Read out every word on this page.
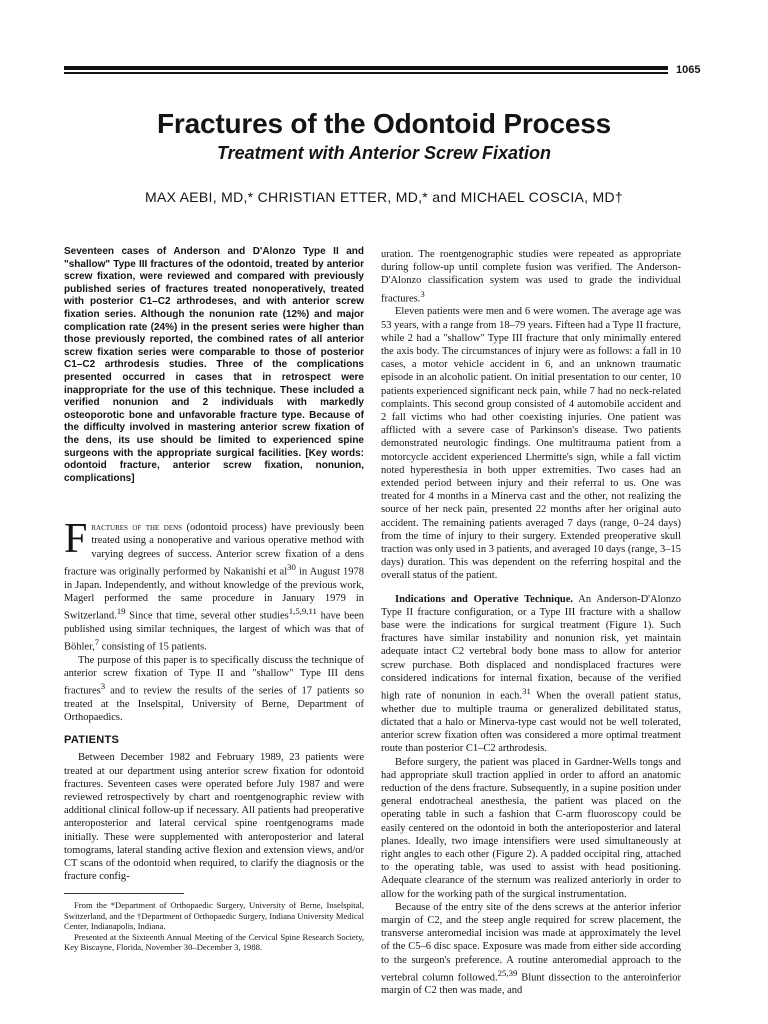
1065
Fractures of the Odontoid Process
Treatment with Anterior Screw Fixation
MAX AEBI, MD,* CHRISTIAN ETTER, MD,* and MICHAEL COSCIA, MD†

Seventeen cases of Anderson and D'Alonzo Type II and "shallow" Type III fractures of the odontoid, treated by anterior screw fixation, were reviewed and compared with previously published series of fractures treated nonoperatively, treated with posterior C1–C2 arthrodeses, and with anterior screw fixation series. Although the nonunion rate (12%) and major complication rate (24%) in the present series were higher than those previously reported, the combined rates of all anterior screw fixation series were comparable to those of posterior C1–C2 arthrodesis studies. Three of the complications presented occurred in cases that in retrospect were inappropriate for the use of this technique. These included a verified nonunion and 2 individuals with markedly osteoporotic bone and unfavorable fracture type. Because of the difficulty involved in mastering anterior screw fixation of the dens, its use should be limited to experienced spine surgeons with the appropriate surgical facilities. [Key words: odontoid fracture, anterior screw fixation, nonunion, complications]

Fractures of the dens (odontoid process) have previously been treated using a nonoperative and various operative method with varying degrees of success. Anterior screw fixation of a dens fracture was originally performed by Nakanishi et $al^{30}$ in August 1978 in Japan. Independently, and without knowledge of the previous work, Magerl performed the same procedure in January 1979 in Switzerland.$^{19}$ Since that time, several other studies$^{1,5,9,11}$ have been published using similar techniques, the largest of which was that of Böhler,$^7$ consisting of 15 patients.

The purpose of this paper is to specifically discuss the technique of anterior screw fixation of Type II and "shallow" Type III dens fractures$^3$ and to review the results of the series of 17 patients so treated at the Inselspital, University of Berne, Department of Orthopaedics.

PATIENTS

Between December 1982 and February 1989, 23 patients were treated at our department using anterior screw fixation for odontoid fractures. Seventeen cases were operated before July 1987 and were reviewed retrospectively by chart and roentgenographic review with additional clinical follow-up if necessary. All patients had preoperative anteroposterior and lateral cervical spine roentgenograms made initially. These were supplemented with anteroposterior and lateral tomograms, lateral standing active flexion and extension views, and/or CT scans of the odontoid when required, to clarify the diagnosis or the fracture config-

From the *Department of Orthopaedic Surgery, University of Berne, Inselspital, Switzerland, and the †Department of Orthopaedic Surgery, Indiana University Medical Center, Indianapolis, Indiana.

Presented at the Sixteenth Annual Meeting of the Cervical Spine Research Society, Key Biscayne, Florida, November 30–December 3, 1988.

uration. The roentgenographic studies were repeated as appropriate during follow-up until complete fusion was verified. The Anderson-D'Alonzo classification system was used to grade the individual fractures.$^3$

Eleven patients were men and 6 were women. The average age was 53 years, with a range from 18–79 years. Fifteen had a Type II fracture, while 2 had a "shallow" Type III fracture that only minimally entered the axis body. The circumstances of injury were as follows: a fall in 10 cases, a motor vehicle accident in 6, and an unknown traumatic episode in an alcoholic patient. On initial presentation to our center, 10 patients experienced significant neck pain, while 7 had no neck-related complaints. This second group consisted of 4 automobile accident and 2 fall victims who had other coexisting injuries. One patient was afflicted with a severe case of Parkinson's disease. Two patients demonstrated neurologic findings. One multitrauma patient from a motorcycle accident experienced Lhermitte's sign, while a fall victim noted hyperesthesia in both upper extremities. Two cases had an extended period between injury and their referral to us. One was treated for 4 months in a Minerva cast and the other, not realizing the source of her neck pain, presented 22 months after her original auto accident. The remaining patients averaged 7 days (range, 0–24 days) from the time of injury to their surgery. Extended preoperative skull traction was only used in 3 patients, and averaged 10 days (range, 3–15 days) duration. This was dependent on the referring hospital and the overall status of the patient.

Indications and Operative Technique. An Anderson-D'Alonzo Type II fracture configuration, or a Type III fracture with a shallow base were the indications for surgical treatment (Figure 1). Such fractures have similar instability and nonunion risk, yet maintain adequate intact C2 vertebral body bone mass to allow for anterior screw purchase. Both displaced and nondisplaced fractures were considered indications for internal fixation, because of the verified high rate of nonunion in each.$^{31}$ When the overall patient status, whether due to multiple trauma or generalized debilitated status, dictated that a halo or Minerva-type cast would not be well tolerated, anterior screw fixation often was considered a more optimal treatment route than posterior C1–C2 arthrodesis.

Before surgery, the patient was placed in Gardner-Wells tongs and had appropriate skull traction applied in order to afford an anatomic reduction of the dens fracture. Subsequently, in a supine position under general endotracheal anesthesia, the patient was placed on the operating table in such a fashion that C-arm fluoroscopy could be easily centered on the odontoid in both the anterioposterior and lateral planes. Ideally, two image intensifiers were used simultaneously at right angles to each other (Figure 2). A padded occipital ring, attached to the operating table, was used to assist with head positioning. Adequate clearance of the sternum was realized anteriorly in order to allow for the working path of the surgical instrumentation.

Because of the entry site of the dens screws at the anterior inferior margin of C2, and the steep angle required for screw placement, the transverse anteromedial incision was made at approximately the level of the C5–6 disc space. Exposure was made from either side according to the surgeon's preference. A routine anteromedial approach to the vertebral column followed.$^{25,39}$ Blunt dissection to the anteroinferior margin of C2 then was made, and
